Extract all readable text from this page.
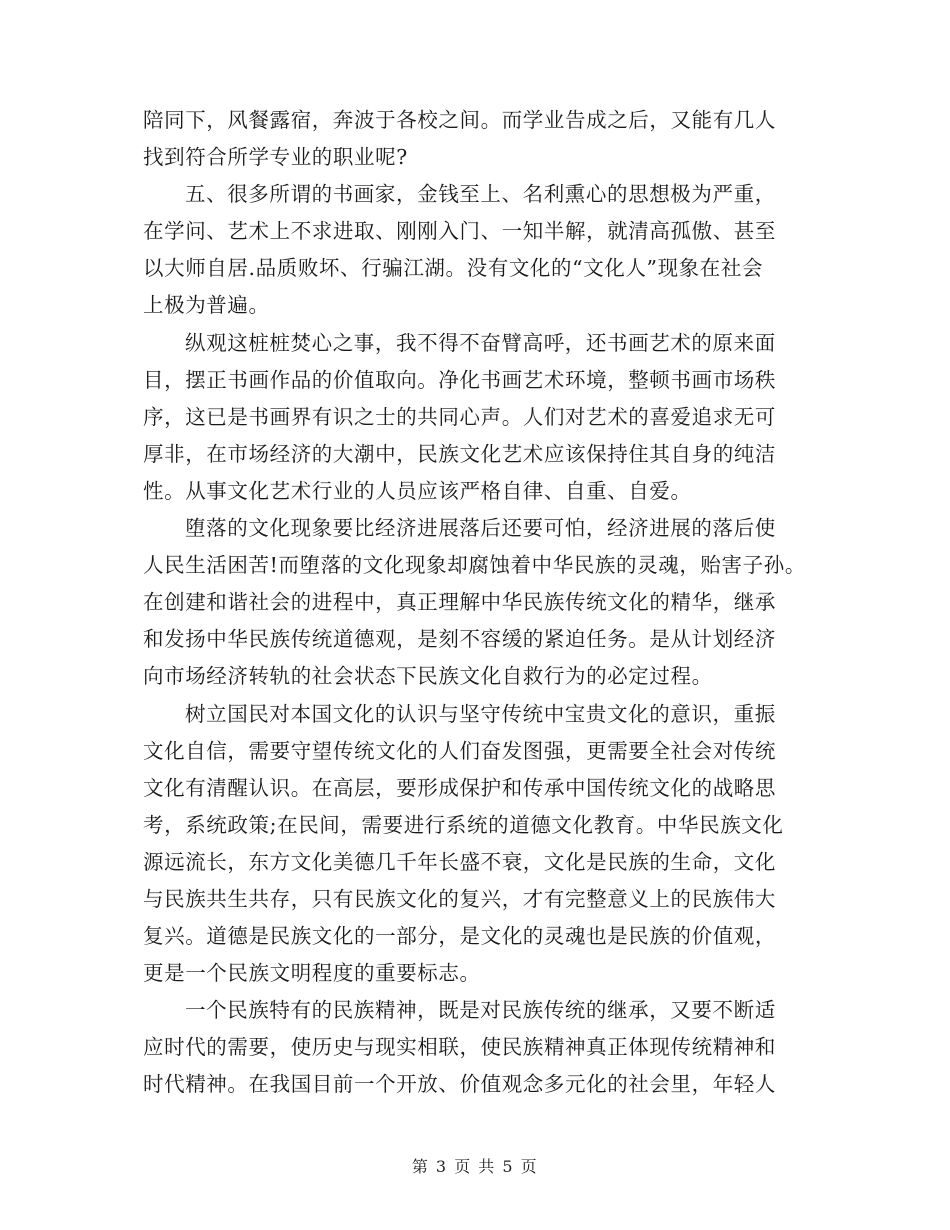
陪同下，风餐露宿，奔波于各校之间。而学业告成之后，又能有几人
找到符合所学专业的职业呢?
五、很多所谓的书画家，金钱至上、名利熏心的思想极为严重，
在学问、艺术上不求进取、刚刚入门、一知半解，就清高孤傲、甚至
以大师自居.品质败坏、行骗江湖。没有文化的“文化人”现象在社会
上极为普遍。
纵观这桩桩焚心之事，我不得不奋臂高呼，还书画艺术的原来面
目，摆正书画作品的价值取向。净化书画艺术环境，整顿书画市场秩
序，这已是书画界有识之士的共同心声。人们对艺术的喜爱追求无可
厚非，在市场经济的大潮中，民族文化艺术应该保持住其自身的纯洁
性。从事文化艺术行业的人员应该严格自律、自重、自爱。
堕落的文化现象要比经济进展落后还要可怕，经济进展的落后使
人民生活困苦!而堕落的文化现象却腐蚀着中华民族的灵魂，贻害子孙。
在创建和谐社会的进程中，真正理解中华民族传统文化的精华，继承
和发扬中华民族传统道德观，是刻不容缓的紧迫任务。是从计划经济
向市场经济转轨的社会状态下民族文化自救行为的必定过程。
树立国民对本国文化的认识与坚守传统中宝贵文化的意识，重振
文化自信，需要守望传统文化的人们奋发图强，更需要全社会对传统
文化有清醒认识。在高层，要形成保护和传承中国传统文化的战略思
考，系统政策;在民间，需要进行系统的道德文化教育。中华民族文化
源远流长，东方文化美德几千年长盛不衰，文化是民族的生命，文化
与民族共生共存，只有民族文化的复兴，才有完整意义上的民族伟大
复兴。道德是民族文化的一部分，是文化的灵魂也是民族的价值观，
更是一个民族文明程度的重要标志。
一个民族特有的民族精神，既是对民族传统的继承，又要不断适
应时代的需要，使历史与现实相联，使民族精神真正体现传统精神和
时代精神。在我国目前一个开放、价值观念多元化的社会里，年轻人
第 3 页 共 5 页
